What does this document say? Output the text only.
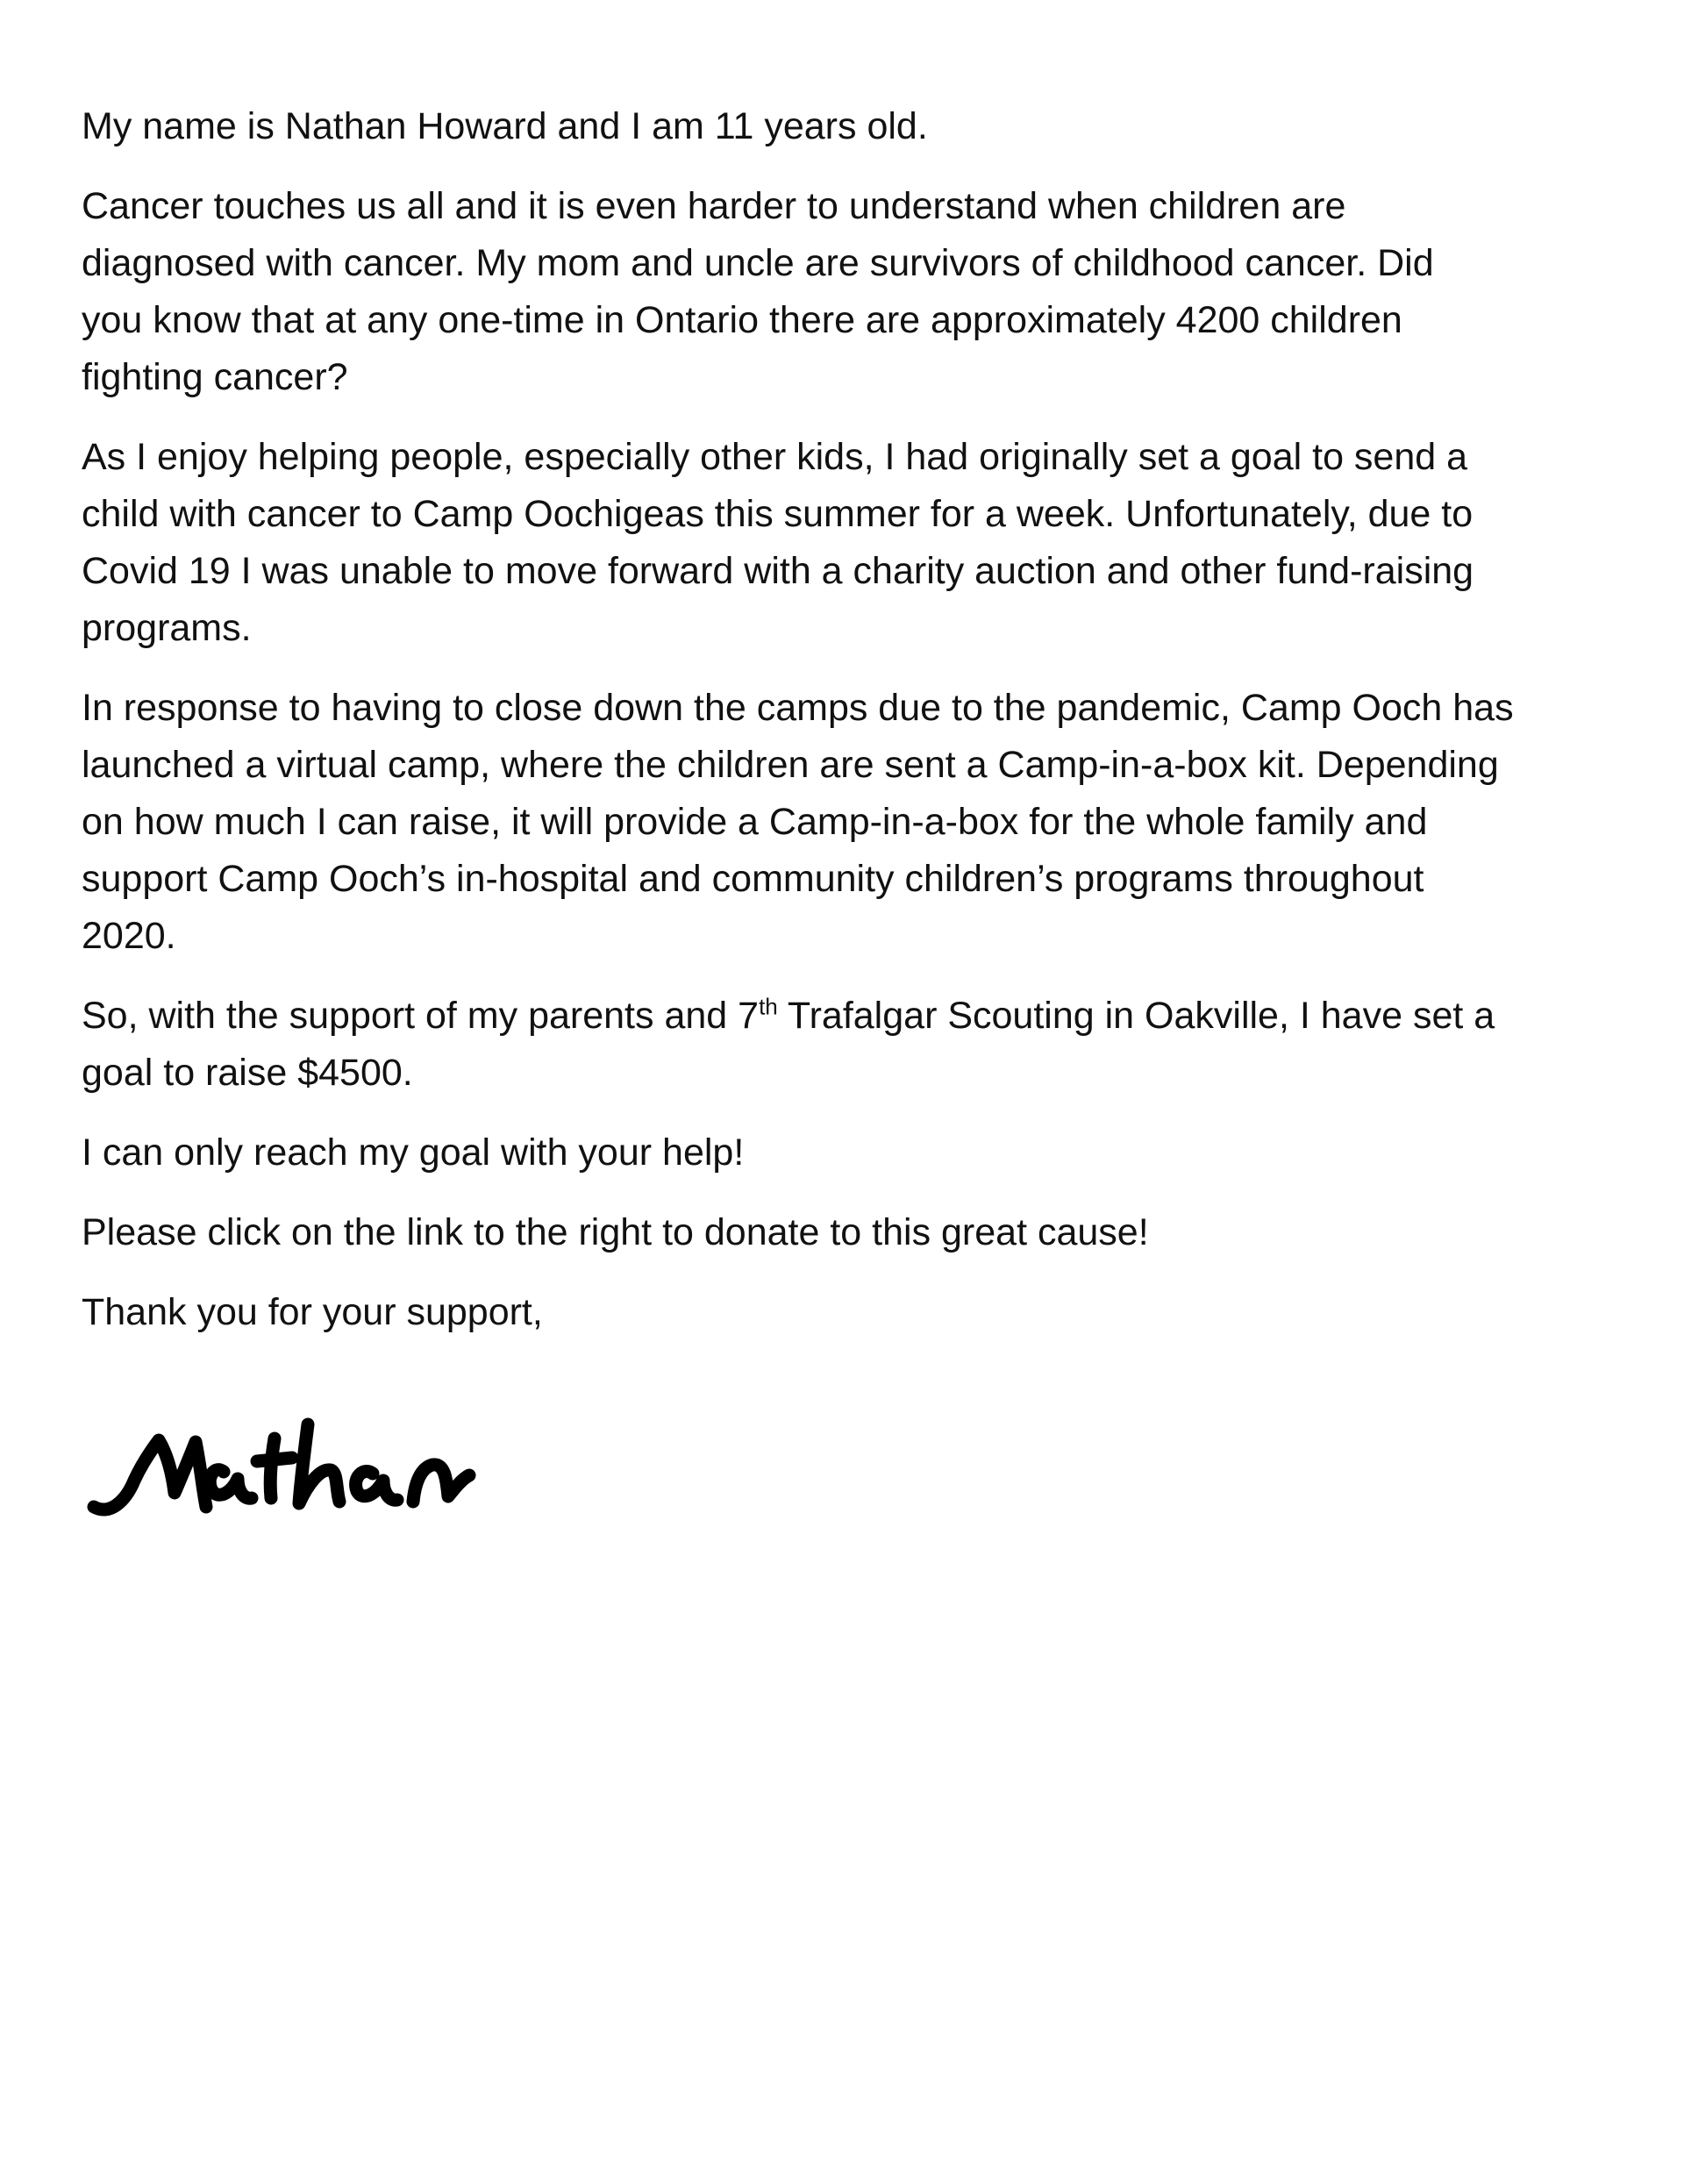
My name is Nathan Howard and I am 11 years old.

Cancer touches us all and it is even harder to understand when children are
diagnosed with cancer. My mom and uncle are survivors of childhood cancer. Did
you know that at any one-time in Ontario there are approximately 4200 children
fighting cancer?

As I enjoy helping people, especially other kids, I had originally set a goal to send a
child with cancer to Camp Oochigeas this summer for a week. Unfortunately, due to
Covid 19 I was unable to move forward with a charity auction and other fund-raising
programs.

In response to having to close down the camps due to the pandemic, Camp Ooch has
launched a virtual camp, where the children are sent a Camp-in-a-box kit. Depending
on how much I can raise, it will provide a Camp-in-a-box for the whole family and
support Camp Ooch’s in-hospital and community children’s programs throughout
2020.

So, with the support of my parents and 7th Trafalgar Scouting in Oakville, I have set a
goal to raise $4500.

I can only reach my goal with your help!

Please click on the link to the right to donate to this great cause!

Thank you for your support,
